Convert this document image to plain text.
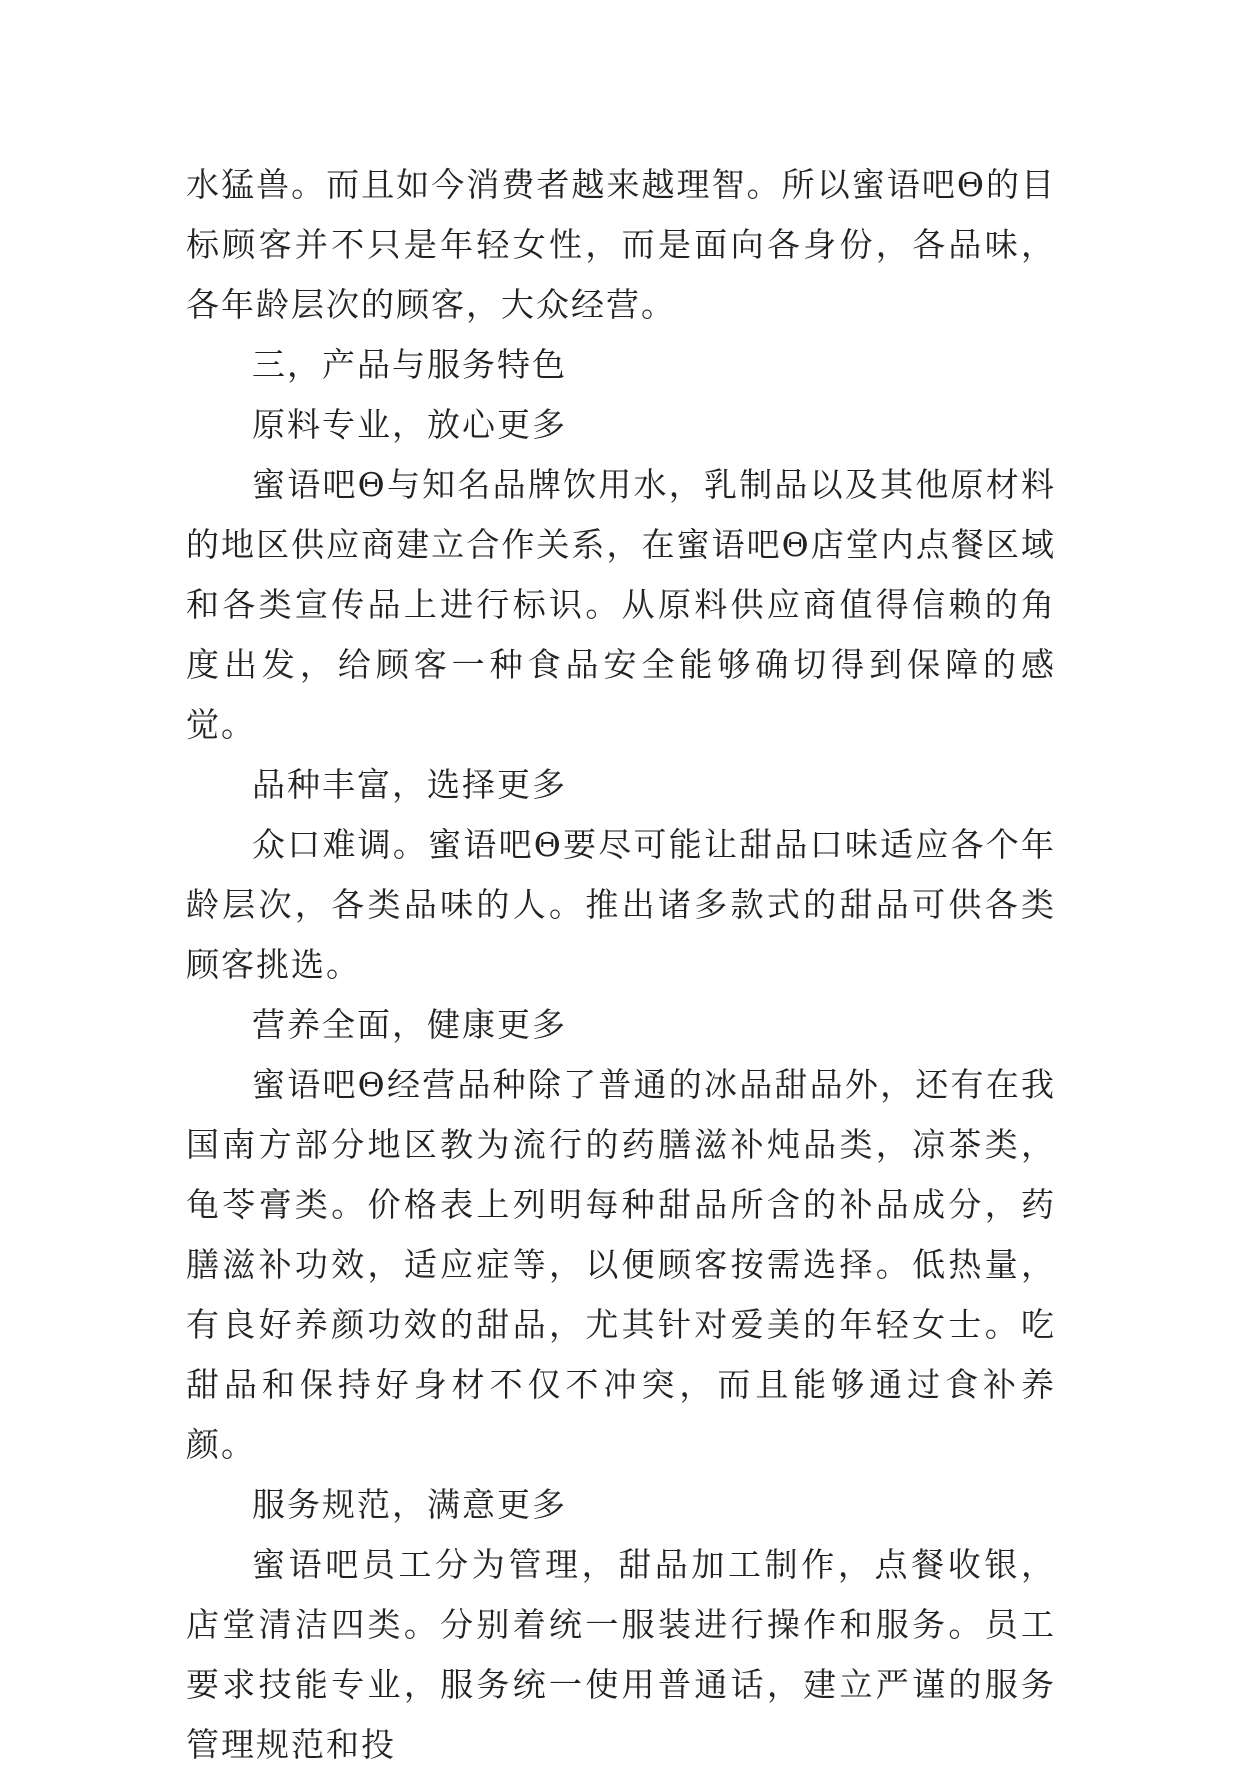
水猛兽。而且如今消费者越来越理智。所以蜜语吧Θ的目标顾客并不只是年轻女性，而是面向各身份，各品味，各年龄层次的顾客，大众经营。

三，产品与服务特色

原料专业，放心更多

蜜语吧Θ与知名品牌饮用水，乳制品以及其他原材料的地区供应商建立合作关系，在蜜语吧Θ店堂内点餐区域和各类宣传品上进行标识。从原料供应商值得信赖的角度出发，给顾客一种食品安全能够确切得到保障的感觉。

品种丰富，选择更多

众口难调。蜜语吧Θ要尽可能让甜品口味适应各个年龄层次，各类品味的人。推出诸多款式的甜品可供各类顾客挑选。

营养全面，健康更多

蜜语吧Θ经营品种除了普通的冰品甜品外，还有在我国南方部分地区教为流行的药膳滋补炖品类，凉茶类，龟苓膏类。价格表上列明每种甜品所含的补品成分，药膳滋补功效，适应症等，以便顾客按需选择。低热量，有良好养颜功效的甜品，尤其针对爱美的年轻女士。吃甜品和保持好身材不仅不冲突，而且能够通过食补养颜。

服务规范，满意更多

蜜语吧员工分为管理，甜品加工制作，点餐收银，店堂清洁四类。分别着统一服装进行操作和服务。员工要求技能专业，服务统一使用普通话，建立严谨的服务管理规范和投
